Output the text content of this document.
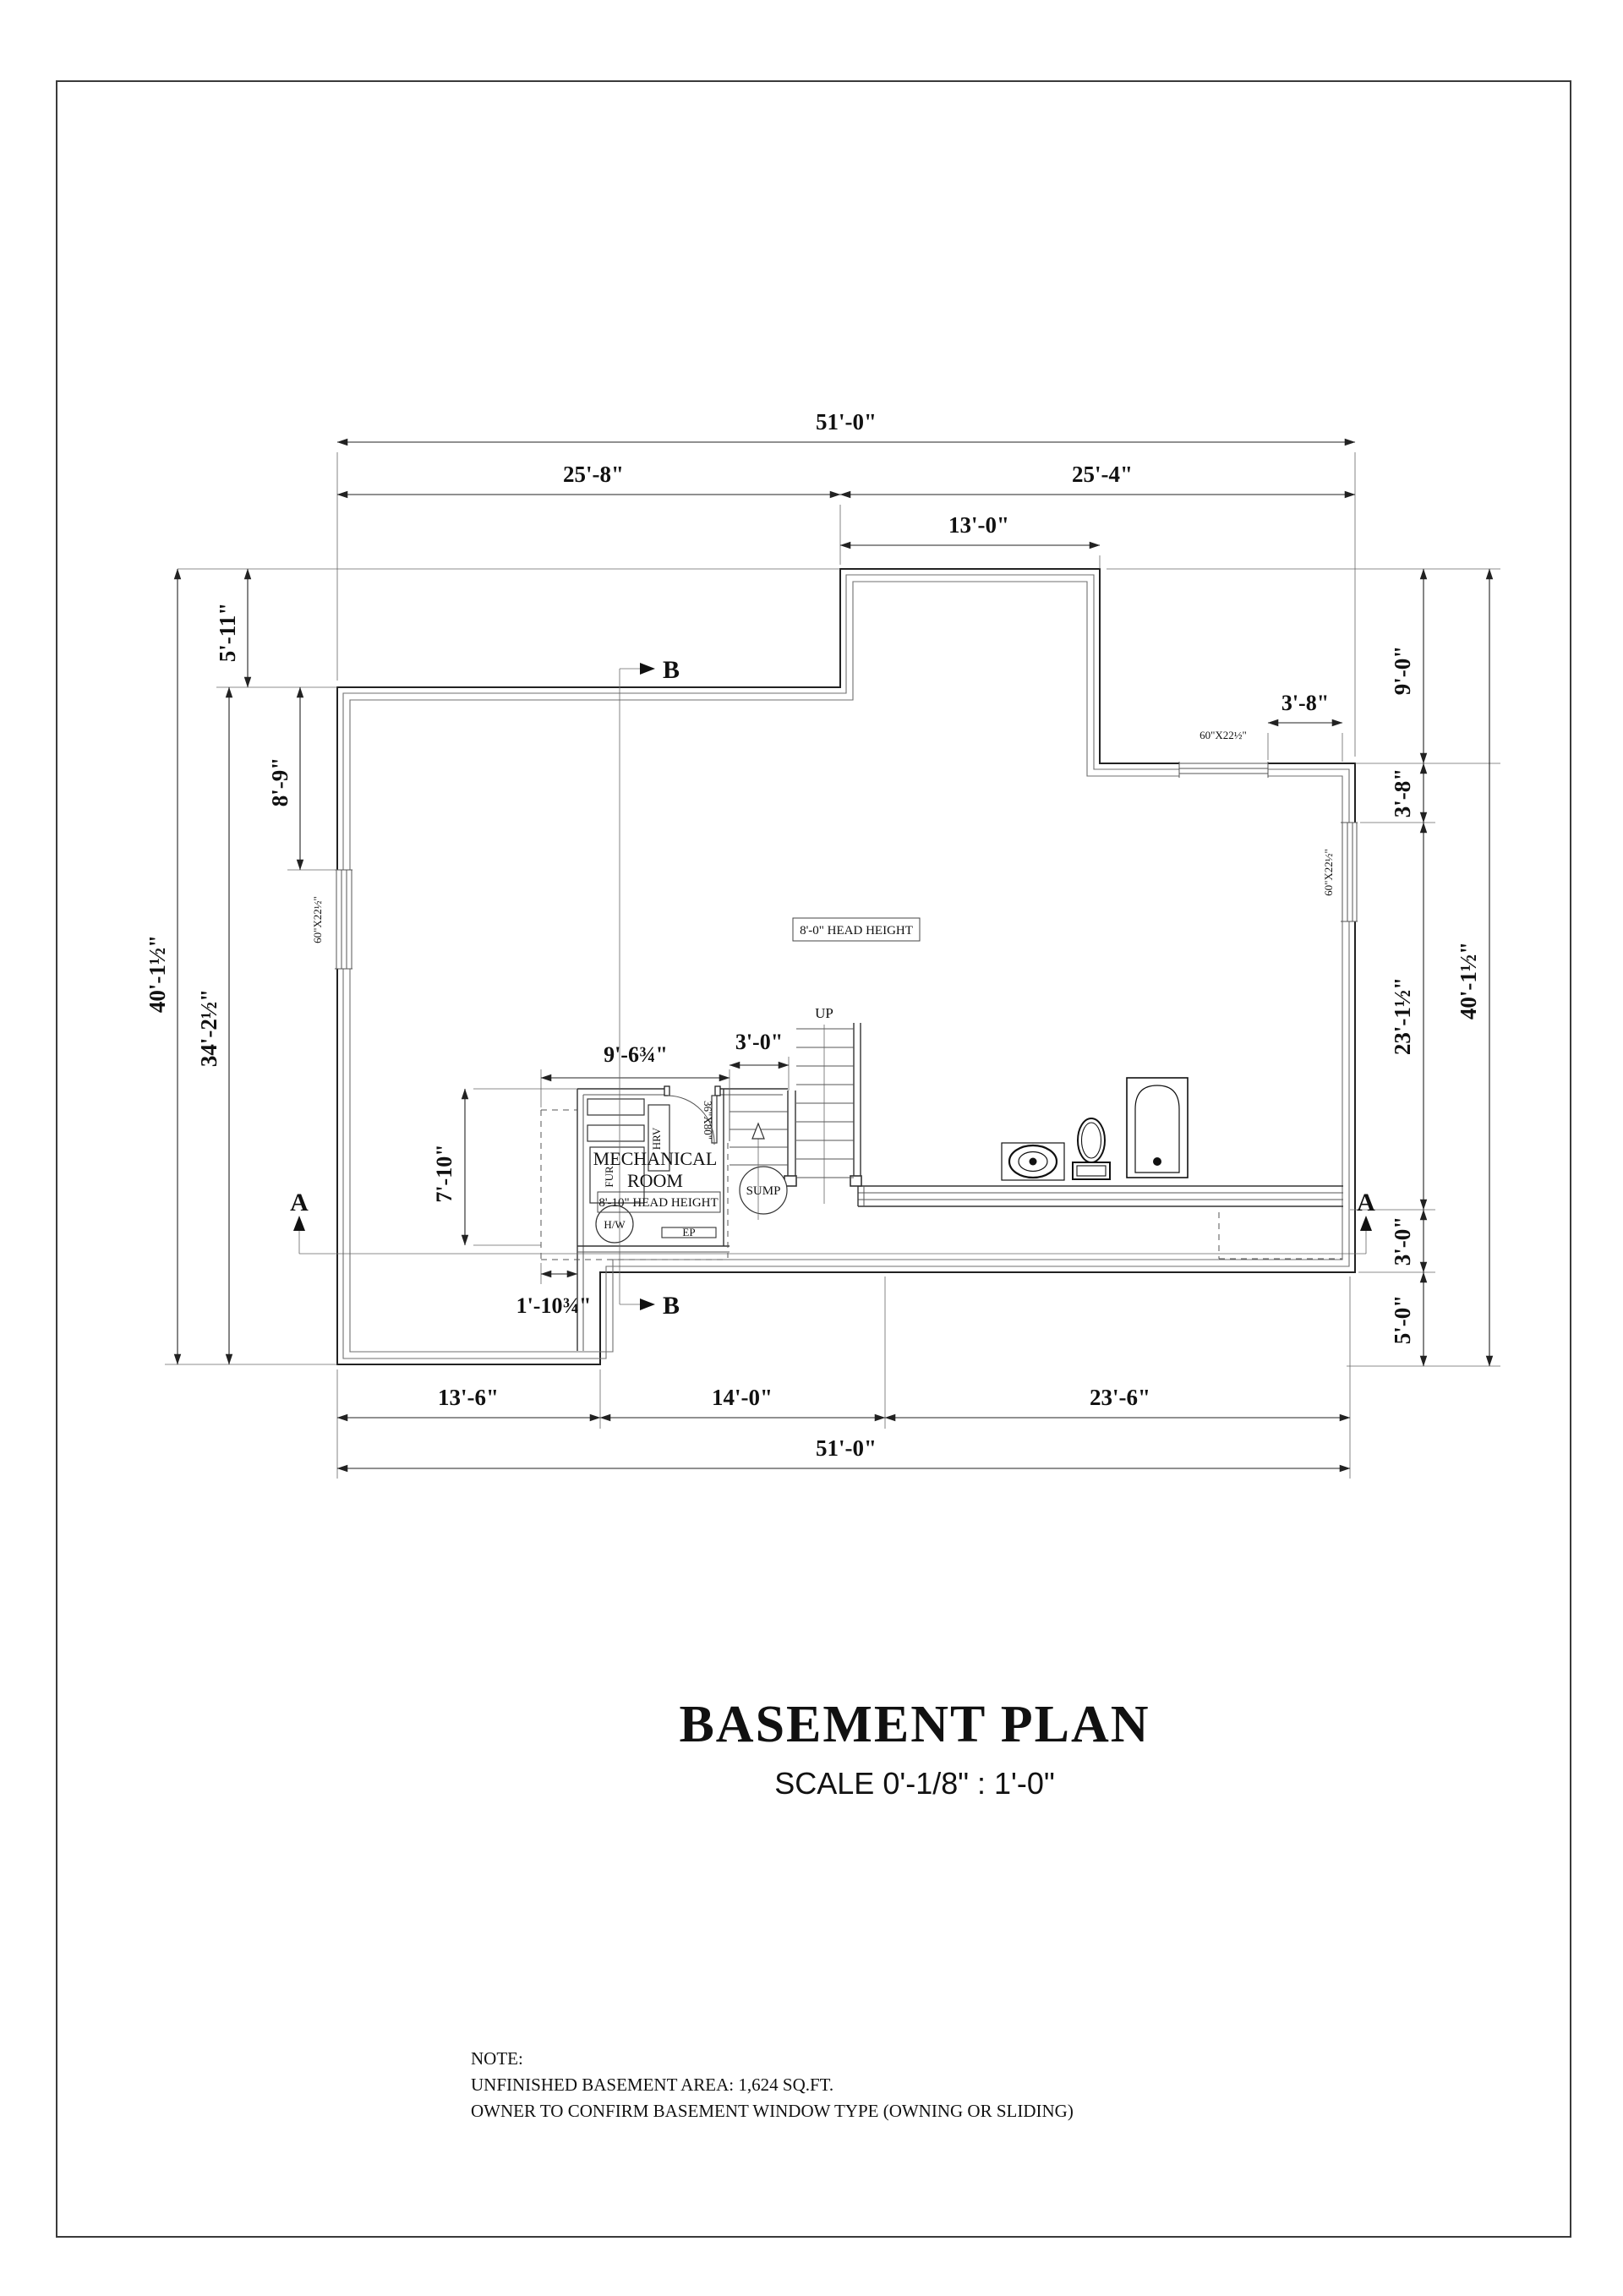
51'-0"
25'-8"	25'-4"
13'-0"
40'-1½"
34'-2½"
5'-11"
8'-9"
9'-0"
3'-8"
23'-1½"
3'-0"
5'-0"
40'-1½"
3'-8"
13'-6"	14'-0"	23'-6"
51'-0"
9'-6¾"
3'-0"
7'-10"
1'-10¾"
A	A
B
B
8'-0" HEAD HEIGHT
MECHANICAL
ROOM
8'-10" HEAD HEIGHT
UP
SUMP
H/W
FUR
HRV
EP
36"X80"
60"X22½"
60"X22½"
60"X22½"
BASEMENT PLAN
SCALE 0'-1/8" : 1'-0"
NOTE:
UNFINISHED BASEMENT AREA: 1,624 SQ.FT.
OWNER TO CONFIRM BASEMENT WINDOW TYPE (OWNING OR SLIDING)
